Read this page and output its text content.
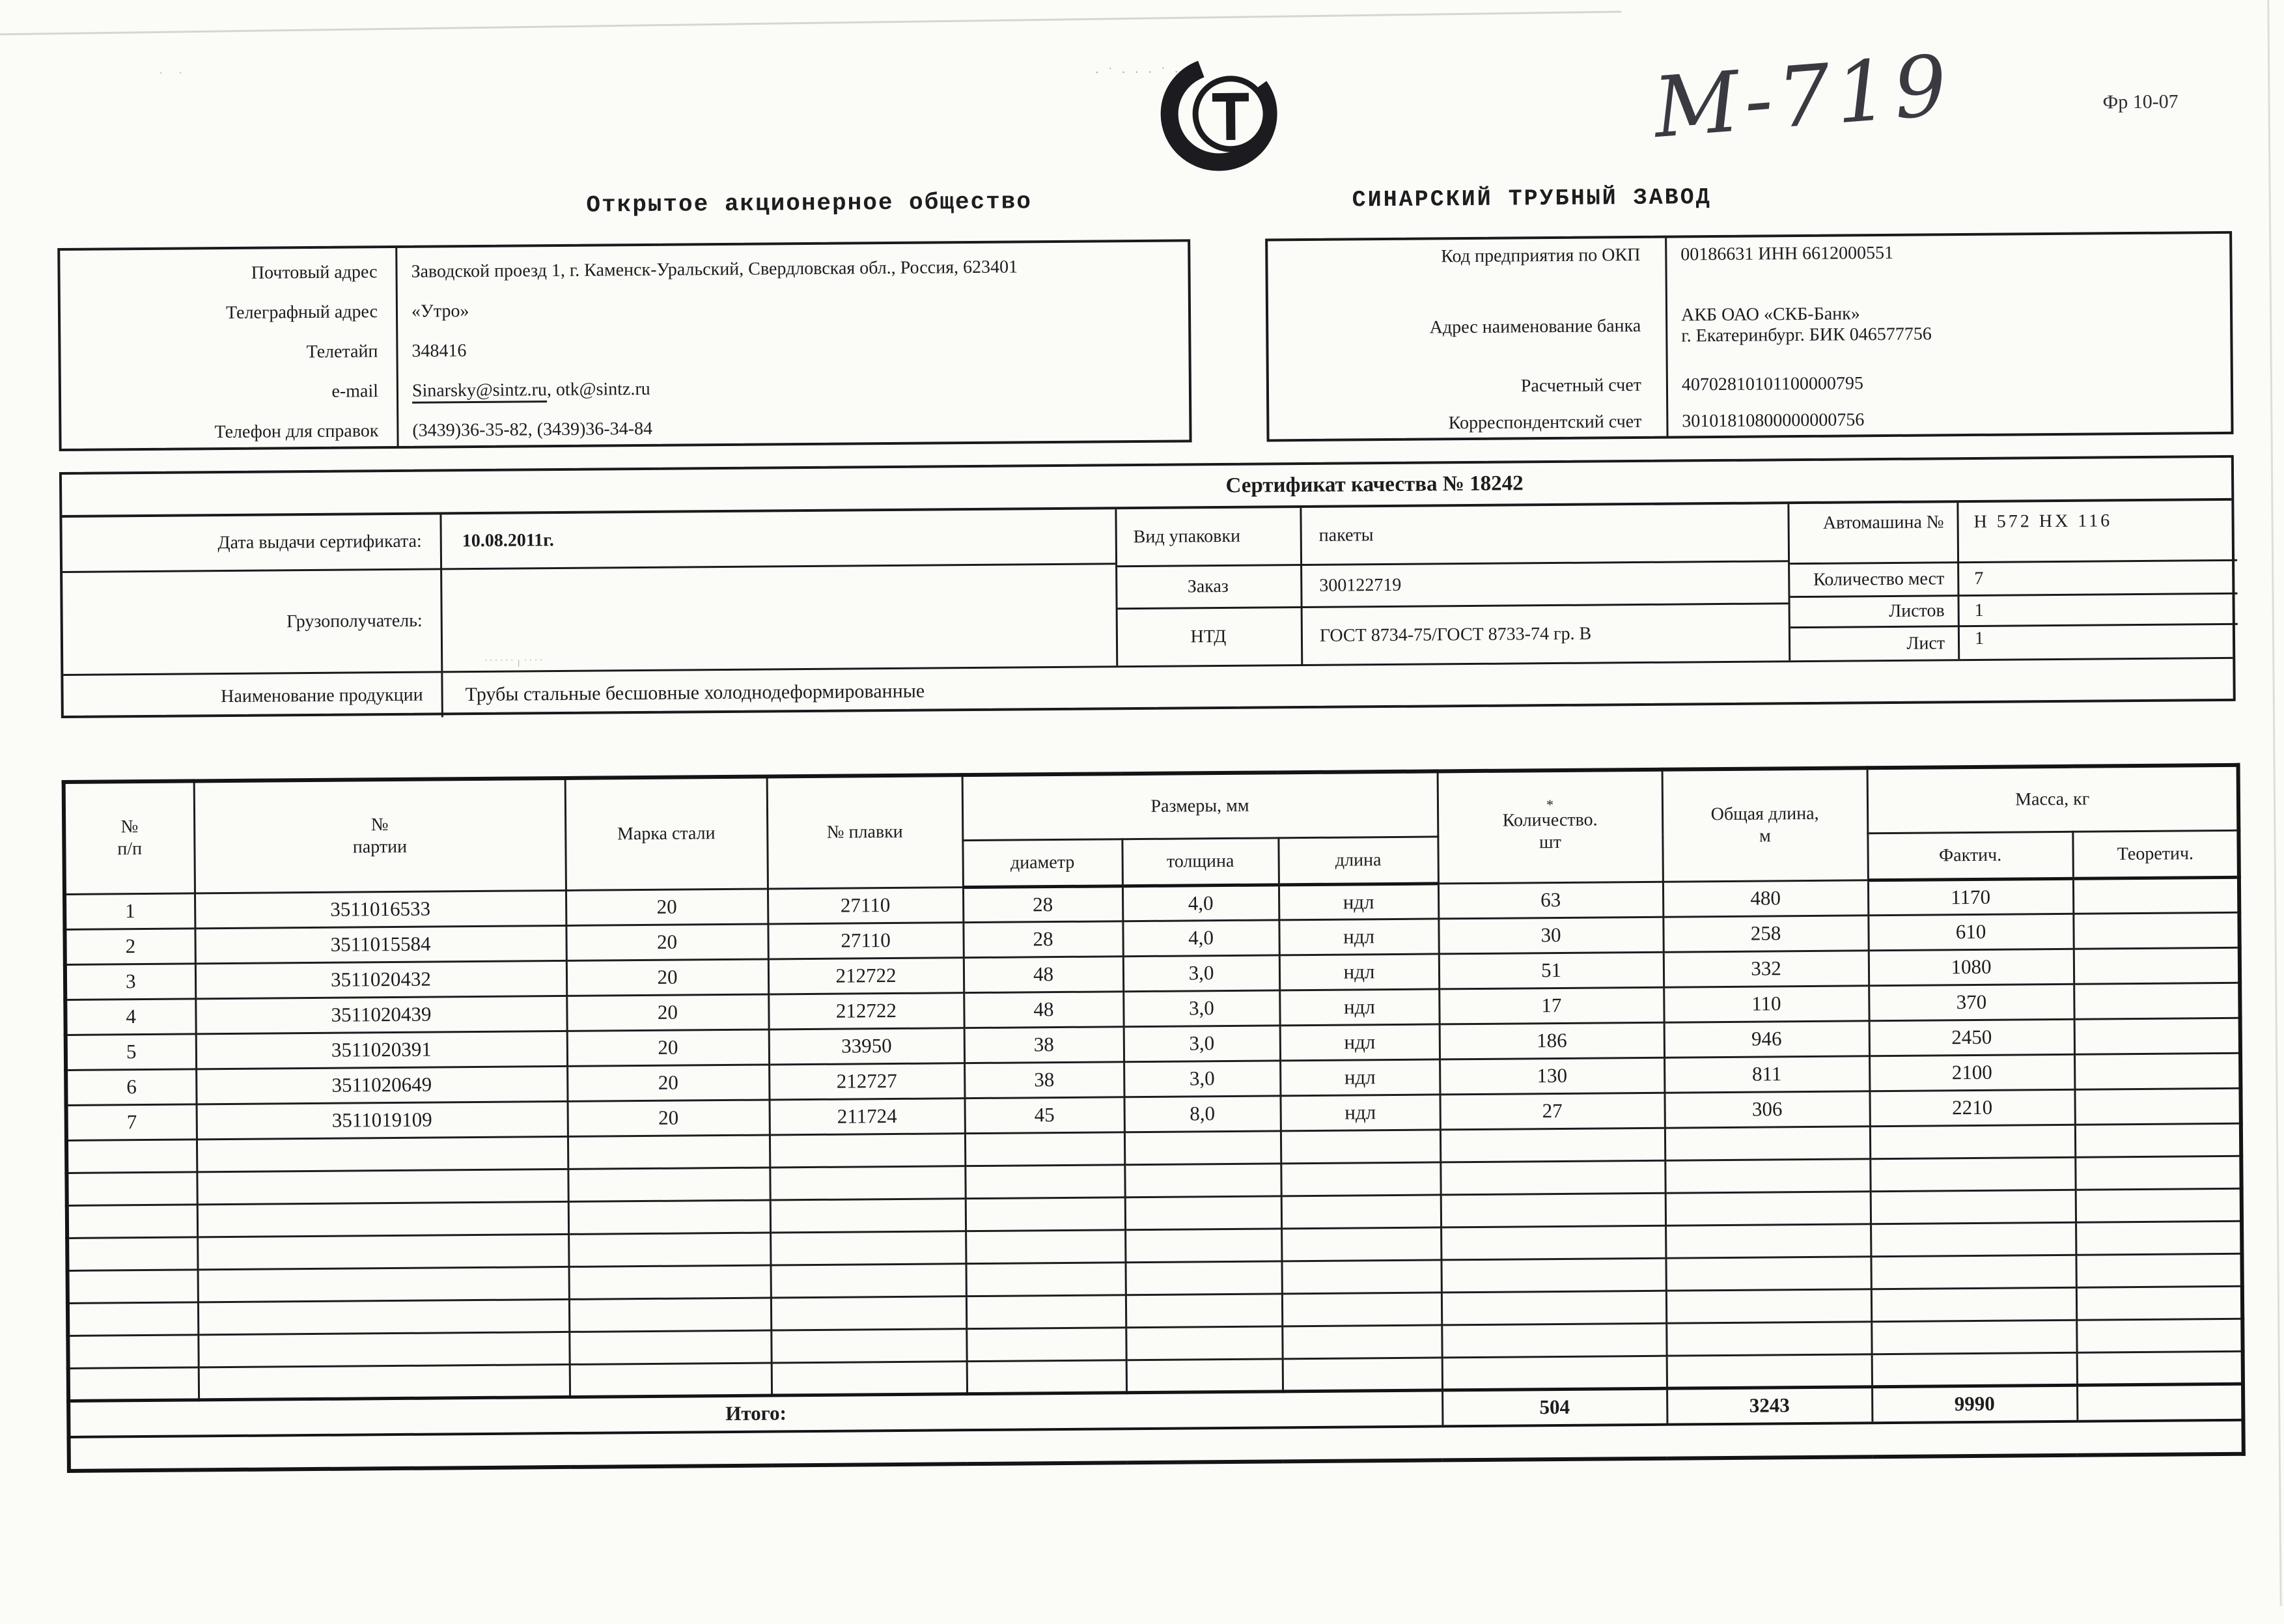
·˙···˙·
· ·
······╷····
Открытое акционерное общество	СИНАРСКИЙ ТРУБНЫЙ ЗАВОД
М-719	Фр 10-07
Почтовый адрес	Заводской проезд 1, г. Каменск-Уральский, Свердловская обл., Россия, 623401
Телеграфный адрес	«Утро»
Телетайп	348416
e-mail	Sinarsky@sintz.ru, otk@sintz.ru
Телефон для справок	(3439)36-35-82, (3439)36-34-84
Код предприятия по ОКП	00186631 ИНН 6612000551
Адрес наименование банка
АКБ ОАО «СКБ-Банк»
г. Екатеринбург. БИК 046577756
Расчетный счет	40702810101100000795
Корреспондентский счет	30101810800000000756
Сертификат качества № 18242
Дата выдачи сертификата: 10.08.2011г.
Грузополучатель:
Вид упаковки	пакеты
Заказ	300122719
НТД	ГОСТ 8734-75/ГОСТ 8733-74 гр. В
Автомашина № Н 572 НХ 116
Количество мест 7
Листов 1
Лист 1
Наименование продукции	Трубы стальные бесшовные холоднодеформированные
№
п/п

№
партии
	Марка стали	№ плавки	Размеры, мм	*
Количество.
шт

Общая длина,
м
	Масса, кг
				диаметр	толщина	длина			Фактич.	Теоретич.
1	3511016533	20	27110	28	4,0	ндл	63	480	1170	
2	3511015584	20	27110	28	4,0	ндл	30	258	610	
3	3511020432	20	212722	48	3,0	ндл	51	332	1080	
4	3511020439	20	212722	48	3,0	ндл	17	110	370	
5	3511020391	20	33950	38	3,0	ндл	186	946	2450	
6	3511020649	20	212727	38	3,0	ндл	130	811	2100	
7	3511019109	20	211724	45	8,0	ндл	27	306	2210	

Итого:							504	3243	9990	
